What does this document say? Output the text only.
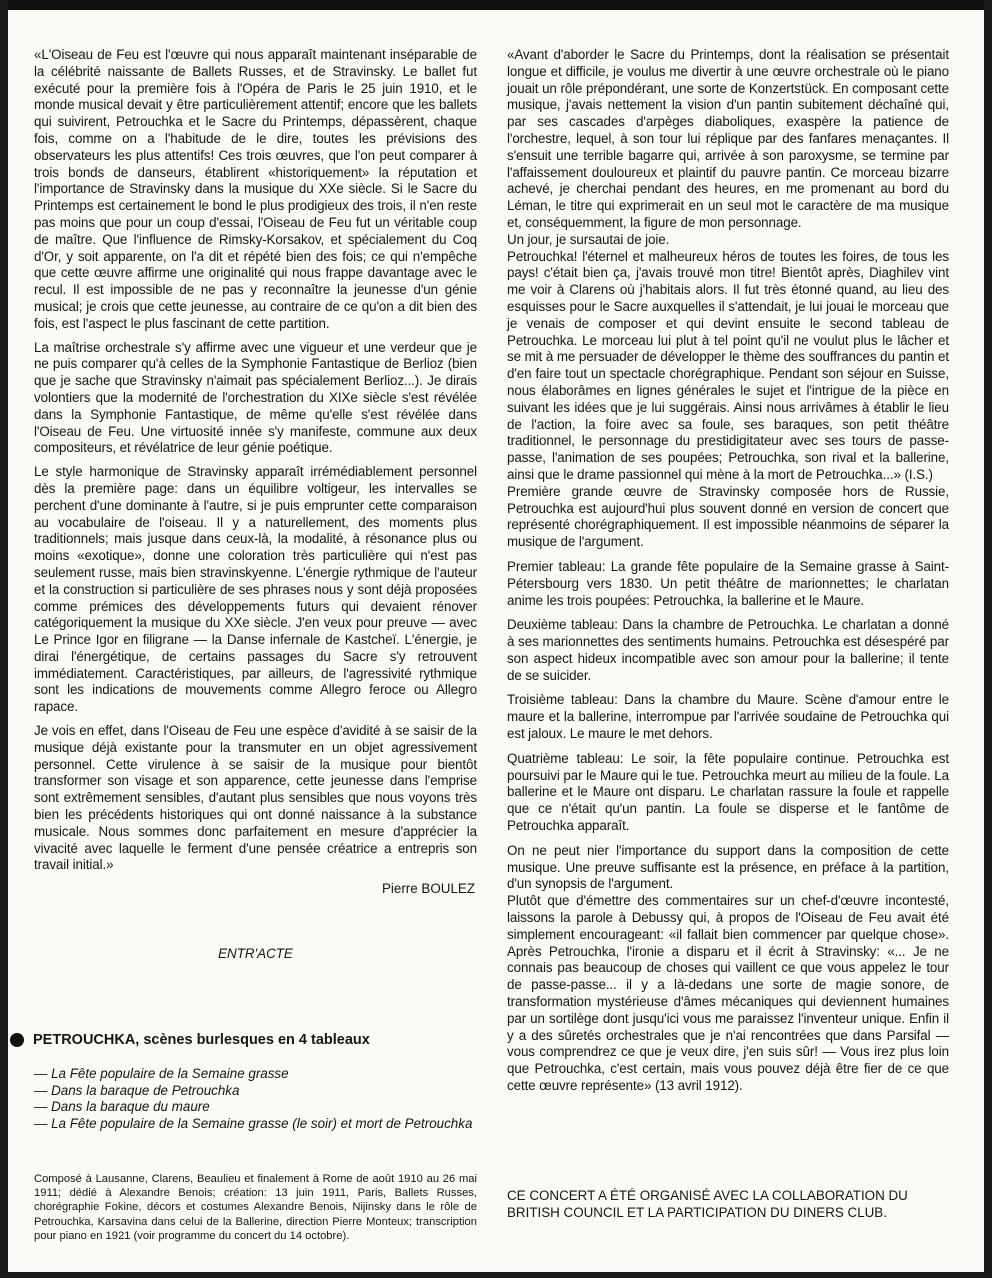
«L'Oiseau de Feu est l'œuvre qui nous apparaît maintenant inséparable de la célébrité naissante de Ballets Russes, et de Stravinsky. Le ballet fut exécuté pour la première fois à l'Opéra de Paris le 25 juin 1910, et le monde musical devait y être particulièrement attentif; encore que les ballets qui suivirent, Petrouchka et le Sacre du Printemps, dépassèrent, chaque fois, comme on a l'habitude de le dire, toutes les prévisions des observateurs les plus attentifs! Ces trois œuvres, que l'on peut comparer à trois bonds de danseurs, établirent «historiquement» la réputation et l'importance de Stravinsky dans la musique du XXe siècle. Si le Sacre du Printemps est certainement le bond le plus prodigieux des trois, il n'en reste pas moins que pour un coup d'essai, l'Oiseau de Feu fut un véritable coup de maître. Que l'influence de Rimsky-Korsakov, et spécialement du Coq d'Or, y soit apparente, on l'a dit et répété bien des fois; ce qui n'empêche que cette œuvre affirme une originalité qui nous frappe davantage avec le recul. Il est impossible de ne pas y reconnaître la jeunesse d'un génie musical; je crois que cette jeunesse, au contraire de ce qu'on a dit bien des fois, est l'aspect le plus fascinant de cette partition.

La maîtrise orchestrale s'y affirme avec une vigueur et une verdeur que je ne puis comparer qu'à celles de la Symphonie Fantastique de Berlioz (bien que je sache que Stravinsky n'aimait pas spécialement Berlioz...). Je dirais volontiers que la modernité de l'orchestration du XIXe siècle s'est révélée dans la Symphonie Fantastique, de même qu'elle s'est révélée dans l'Oiseau de Feu. Une virtuosité innée s'y manifeste, commune aux deux compositeurs, et révélatrice de leur génie poétique.

Le style harmonique de Stravinsky apparaît irrémédiablement personnel dès la première page: dans un équilibre voltigeur, les intervalles se perchent d'une dominante à l'autre, si je puis emprunter cette comparaison au vocabulaire de l'oiseau. Il y a naturellement, des moments plus traditionnels; mais jusque dans ceux-là, la modalité, à résonance plus ou moins «exotique», donne une coloration très particulière qui n'est pas seulement russe, mais bien stravinskyenne. L'énergie rythmique de l'auteur et la construction si particulière de ses phrases nous y sont déjà proposées comme prémices des développements futurs qui devaient rénover catégoriquement la musique du XXe siècle. J'en veux pour preuve — avec Le Prince Igor en filigrane — la Danse infernale de Kastcheï. L'énergie, je dirai l'énergétique, de certains passages du Sacre s'y retrouvent immédiatement. Caractéristiques, par ailleurs, de l'agressivité rythmique sont les indications de mouvements comme Allegro feroce ou Allegro rapace.

Je vois en effet, dans l'Oiseau de Feu une espèce d'avidité à se saisir de la musique déjà existante pour la transmuter en un objet agressivement personnel. Cette virulence à se saisir de la musique pour bientôt transformer son visage et son apparence, cette jeunesse dans l'emprise sont extrêmement sensibles, d'autant plus sensibles que nous voyons très bien les précédents historiques qui ont donné naissance à la substance musicale. Nous sommes donc parfaitement en mesure d'apprécier la vivacité avec laquelle le ferment d'une pensée créatrice a entrepris son travail initial.»

Pierre BOULEZ
ENTR'ACTE
PETROUCHKA, scènes burlesques en 4 tableaux

— La Fête populaire de la Semaine grasse

— Dans la baraque de Petrouchka

— Dans la baraque du maure

— La Fête populaire de la Semaine grasse (le soir) et mort de Petrouchka

Composé à Lausanne, Clarens, Beaulieu et finalement à Rome de août 1910 au 26 mai 1911; dédié à Alexandre Benois; création: 13 juin 1911, Paris, Ballets Russes, chorégraphie Fokine, décors et costumes Alexandre Benois, Nijinsky dans le rôle de Petrouchka, Karsavina dans celui de la Ballerine, direction Pierre Monteux; transcription pour piano en 1921 (voir programme du concert du 14 octobre).

«Avant d'aborder le Sacre du Printemps, dont la réalisation se présentait longue et difficile, je voulus me divertir à une œuvre orchestrale où le piano jouait un rôle prépondérant, une sorte de Konzertstück. En composant cette musique, j'avais nettement la vision d'un pantin subitement déchaîné qui, par ses cascades d'arpèges diaboliques, exaspère la patience de l'orchestre, lequel, à son tour lui réplique par des fanfares menaçantes. Il s'ensuit une terrible bagarre qui, arrivée à son paroxysme, se termine par l'affaissement douloureux et plaintif du pauvre pantin. Ce morceau bizarre achevé, je cherchai pendant des heures, en me promenant au bord du Léman, le titre qui exprimerait en un seul mot le caractère de ma musique et, conséquemment, la figure de mon personnage.

Un jour, je sursautai de joie.

Petrouchka! l'éternel et malheureux héros de toutes les foires, de tous les pays! c'était bien ça, j'avais trouvé mon titre! Bientôt après, Diaghilev vint me voir à Clarens où j'habitais alors. Il fut très étonné quand, au lieu des esquisses pour le Sacre auxquelles il s'attendait, je lui jouai le morceau que je venais de composer et qui devint ensuite le second tableau de Petrouchka. Le morceau lui plut à tel point qu'il ne voulut plus le lâcher et se mit à me persuader de développer le thème des souffrances du pantin et d'en faire tout un spectacle chorégraphique. Pendant son séjour en Suisse, nous élaborâmes en lignes générales le sujet et l'intrigue de la pièce en suivant les idées que je lui suggérais. Ainsi nous arrivâmes à établir le lieu de l'action, la foire avec sa foule, ses baraques, son petit théâtre traditionnel, le personnage du prestidigitateur avec ses tours de passe-passe, l'animation de ses poupées; Petrouchka, son rival et la ballerine, ainsi que le drame passionnel qui mène à la mort de Petrouchka...» (I.S.)

Première grande œuvre de Stravinsky composée hors de Russie, Petrouchka est aujourd'hui plus souvent donné en version de concert que représenté chorégraphiquement. Il est impossible néanmoins de séparer la musique de l'argument.

Premier tableau: La grande fête populaire de la Semaine grasse à Saint-Pétersbourg vers 1830. Un petit théâtre de marionnettes; le charlatan anime les trois poupées: Petrouchka, la ballerine et le Maure.

Deuxième tableau: Dans la chambre de Petrouchka. Le charlatan a donné à ses marionnettes des sentiments humains. Petrouchka est désespéré par son aspect hideux incompatible avec son amour pour la ballerine; il tente de se suicider.

Troisième tableau: Dans la chambre du Maure. Scène d'amour entre le maure et la ballerine, interrompue par l'arrivée soudaine de Petrouchka qui est jaloux. Le maure le met dehors.

Quatrième tableau: Le soir, la fête populaire continue. Petrouchka est poursuivi par le Maure qui le tue. Petrouchka meurt au milieu de la foule. La ballerine et le Maure ont disparu. Le charlatan rassure la foule et rappelle que ce n'était qu'un pantin. La foule se disperse et le fantôme de Petrouchka apparaît.

On ne peut nier l'importance du support dans la composition de cette musique. Une preuve suffisante est la présence, en préface à la partition, d'un synopsis de l'argument.

Plutôt que d'émettre des commentaires sur un chef-d'œuvre incontesté, laissons la parole à Debussy qui, à propos de l'Oiseau de Feu avait été simplement encourageant: «il fallait bien commencer par quelque chose». Après Petrouchka, l'ironie a disparu et il écrit à Stravinsky: «... Je ne connais pas beaucoup de choses qui vaillent ce que vous appelez le tour de passe-passe... il y a là-dedans une sorte de magie sonore, de transformation mystérieuse d'âmes mécaniques qui deviennent humaines par un sortilège dont jusqu'ici vous me paraissez l'inventeur unique. Enfin il y a des sûretés orchestrales que je n'ai rencontrées que dans Parsifal — vous comprendrez ce que je veux dire, j'en suis sûr! — Vous irez plus loin que Petrouchka, c'est certain, mais vous pouvez déjà être fier de ce que cette œuvre représente» (13 avril 1912).

CE CONCERT A ÉTÉ ORGANISÉ AVEC LA COLLABORATION DU BRITISH COUNCIL ET LA PARTICIPATION DU DINERS CLUB.
